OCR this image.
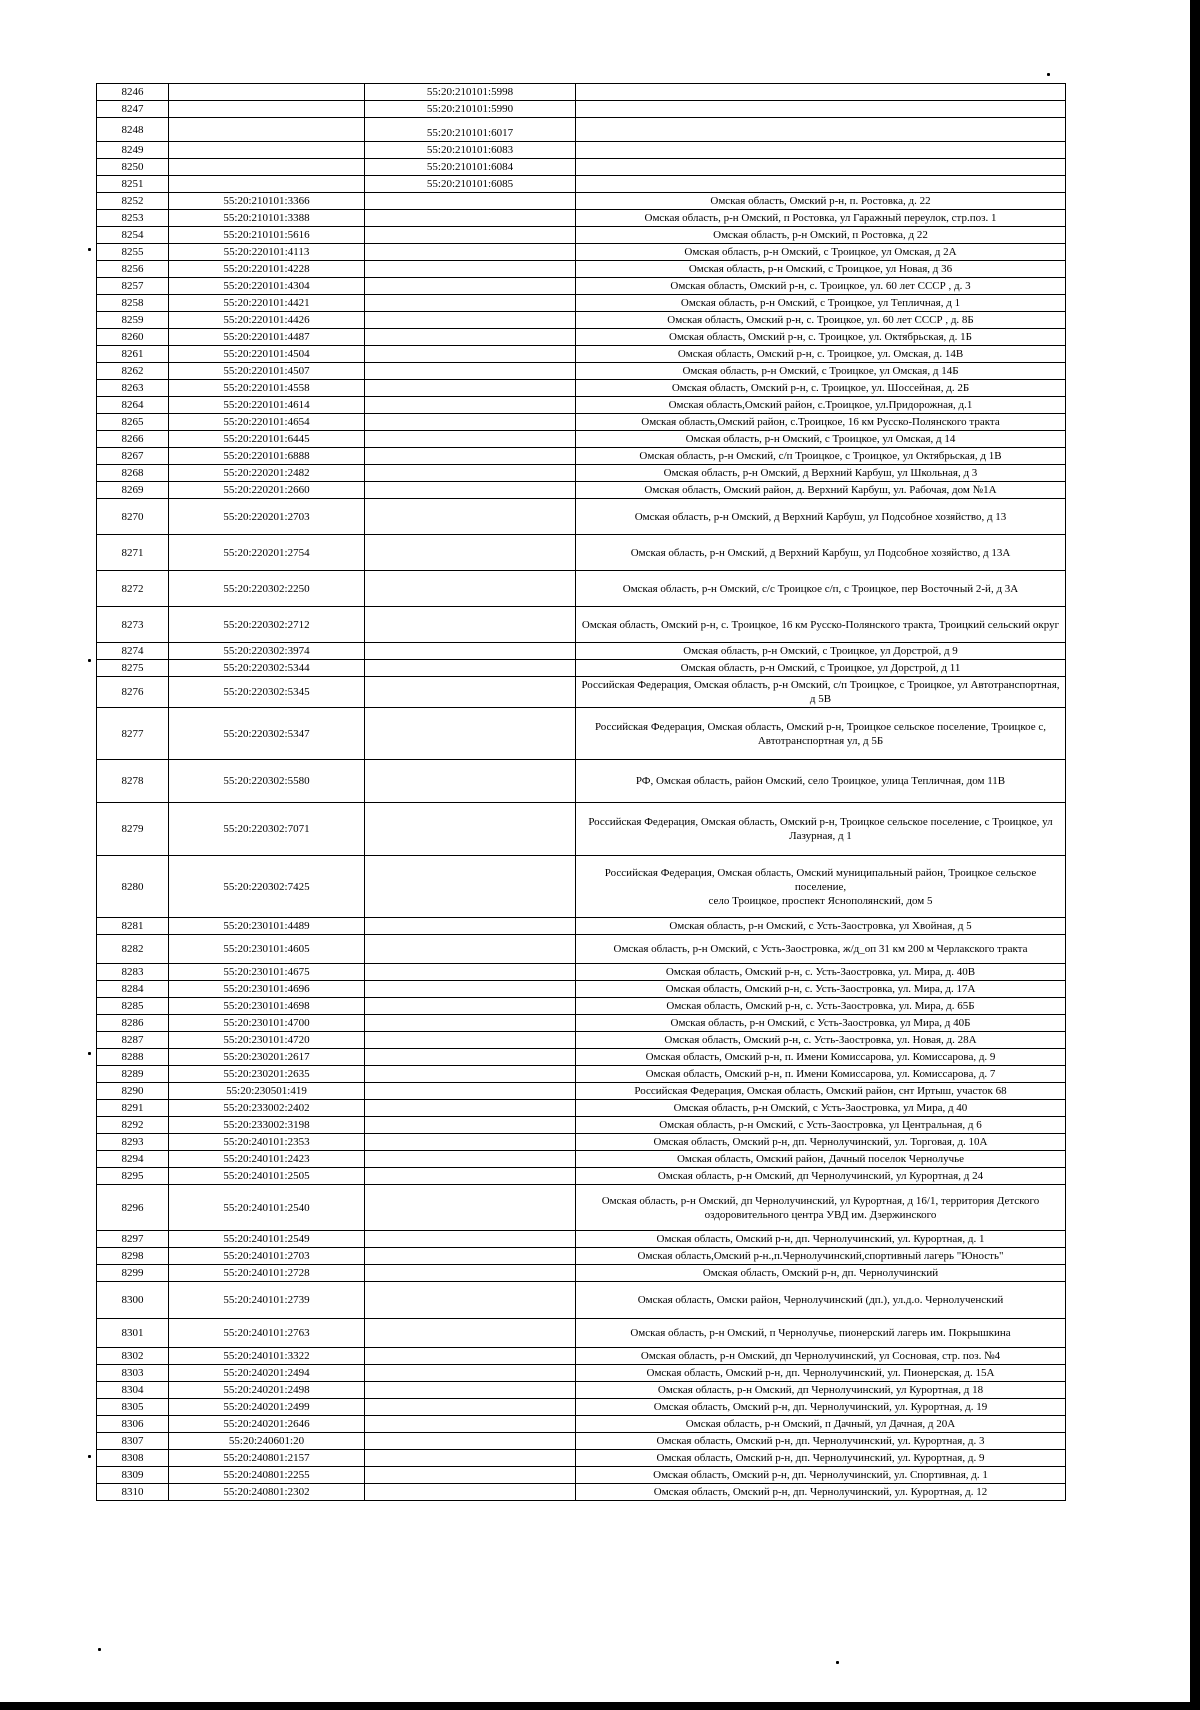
8246		55:20:210101:5998	
8247		55:20:210101:5990	
8248		55:20:210101:6017	
8249		55:20:210101:6083	
8250		55:20:210101:6084	
8251		55:20:210101:6085	
8252	55:20:210101:3366		Омская область, Омский р-н, п. Ростовка, д. 22

8253	55:20:210101:3388		Омская область, р-н Омский, п Ростовка, ул Гаражный переулок, стр.поз. 1

8254	55:20:210101:5616		Омская область, р-н Омский, п Ростовка, д 22

8255	55:20:220101:4113		Омская область, р-н Омский, с Троицкое, ул Омская, д 2А

8256	55:20:220101:4228		Омская область, р-н Омский, с Троицкое, ул Новая, д 36

8257	55:20:220101:4304		Омская область, Омский р-н, с. Троицкое, ул. 60 лет СССР , д. 3

8258	55:20:220101:4421		Омская область, р-н Омский, с Троицкое, ул Тепличная, д 1

8259	55:20:220101:4426		Омская область, Омский р-н, с. Троицкое, ул. 60 лет СССР , д. 8Б

8260	55:20:220101:4487		Омская область, Омский р-н, с. Троицкое, ул. Октябрьская, д. 1Б

8261	55:20:220101:4504		Омская область, Омский р-н, с. Троицкое, ул. Омская, д. 14В

8262	55:20:220101:4507		Омская область, р-н Омский, с Троицкое, ул Омская, д 14Б

8263	55:20:220101:4558		Омская область, Омский р-н, с. Троицкое, ул. Шоссейная, д. 2Б

8264	55:20:220101:4614		Омская область,Омский район, с.Троицкое, ул.Придорожная, д.1

8265	55:20:220101:4654		Омская область,Омский район, с.Троицкое, 16 км Русско-Полянского тракта

8266	55:20:220101:6445		Омская область, р-н Омский, с Троицкое, ул Омская, д 14

8267	55:20:220101:6888		Омская область, р-н Омский, с/п Троицкое, с Троицкое, ул Октябрьская, д 1В

8268	55:20:220201:2482		Омская область, р-н Омский, д Верхний Карбуш, ул Школьная, д 3

8269	55:20:220201:2660		Омская область, Омский район, д. Верхний Карбуш, ул. Рабочая, дом №1А

8270	55:20:220201:2703		Омская область, р-н Омский, д Верхний Карбуш, ул Подсобное хозяйство, д 13

8271	55:20:220201:2754		Омская область, р-н Омский, д Верхний Карбуш, ул Подсобное хозяйство, д 13А

8272	55:20:220302:2250		Омская область, р-н Омский, с/с Троицкое с/п, с Троицкое, пер Восточный 2-й, д 3А

8273	55:20:220302:2712		Омская область, Омский р-н, с. Троицкое, 16 км Русско-Полянского тракта, Троицкий сельский округ

8274	55:20:220302:3974		Омская область, р-н Омский, с Троицкое, ул Дорстрой, д 9

8275	55:20:220302:5344		Омская область, р-н Омский, с Троицкое, ул Дорстрой, д 11

8276	55:20:220302:5345		Российская Федерация, Омская область, р-н Омский, с/п Троицкое, с Троицкое, ул Автотранспортная, д 5В

8277	55:20:220302:5347		Российская Федерация, Омская область, Омский р-н, Троицкое сельское поселение, Троицкое с,
Автотранспортная ул, д 5Б

8278	55:20:220302:5580		РФ, Омская область, район Омский, село Троицкое, улица Тепличная, дом 11В

8279	55:20:220302:7071		Российская Федерация, Омская область, Омский р-н, Троицкое сельское поселение, с Троицкое, ул
Лазурная, д 1

8280	55:20:220302:7425		Российская Федерация, Омская область, Омский муниципальный район, Троицкое сельское поселение,
село Троицкое, проспект Яснополянский, дом 5

8281	55:20:230101:4489		Омская область, р-н Омский, с Усть-Заостровка, ул Хвойная, д 5

8282	55:20:230101:4605		Омская область, р-н Омский, с Усть-Заостровка, ж/д_оп 31 км 200 м Черлакского тракта

8283	55:20:230101:4675		Омская область, Омский р-н, с. Усть-Заостровка, ул. Мира, д. 40В

8284	55:20:230101:4696		Омская область, Омский р-н, с. Усть-Заостровка, ул. Мира, д. 17А

8285	55:20:230101:4698		Омская область, Омский р-н, с. Усть-Заостровка, ул. Мира, д. 65Б

8286	55:20:230101:4700		Омская область, р-н Омский, с Усть-Заостровка, ул Мира, д 40Б

8287	55:20:230101:4720		Омская область, Омский р-н, с. Усть-Заостровка, ул. Новая, д. 28А

8288	55:20:230201:2617		Омская область, Омский р-н, п. Имени Комиссарова, ул. Комиссарова, д. 9

8289	55:20:230201:2635		Омская область, Омский р-н, п. Имени Комиссарова, ул. Комиссарова, д. 7

8290	55:20:230501:419		Российская Федерация, Омская область, Омский район, снт Иртыш, участок 68

8291	55:20:233002:2402		Омская область, р-н Омский, с Усть-Заостровка, ул Мира, д 40

8292	55:20:233002:3198		Омская область, р-н Омский, с Усть-Заостровка, ул Центральная, д 6

8293	55:20:240101:2353		Омская область, Омский р-н, дп. Чернолучинский, ул. Торговая, д. 10А

8294	55:20:240101:2423		Омская область, Омский район, Дачный поселок Чернолучье

8295	55:20:240101:2505		Омская область, р-н Омский, дп Чернолучинский, ул Курортная, д 24

8296	55:20:240101:2540		Омская область, р-н Омский, дп Чернолучинский, ул Курортная, д 16/1, территория Детского
оздоровительного центра УВД им. Дзержинского

8297	55:20:240101:2549		Омская область, Омский р-н, дп. Чернолучинский, ул. Курортная, д. 1

8298	55:20:240101:2703		Омская область,Омский р-н.,п.Чернолучинский,спортивный лагерь "Юность"

8299	55:20:240101:2728		Омская область, Омский р-н, дп. Чернолучинский

8300	55:20:240101:2739		Омская область, Омски район, Чернолучинский (дп.), ул.д.о. Чернолученский

8301	55:20:240101:2763		Омская область, р-н Омский, п Чернолучье, пионерский лагерь им. Покрышкина

8302	55:20:240101:3322		Омская область, р-н Омский, дп Чернолучинский, ул Сосновая, стр. поз. №4

8303	55:20:240201:2494		Омская область, Омский р-н, дп. Чернолучинский, ул. Пионерская, д. 15А

8304	55:20:240201:2498		Омская область, р-н Омский, дп Чернолучинский, ул Курортная, д 18

8305	55:20:240201:2499		Омская область, Омский р-н, дп. Чернолучинский, ул. Курортная, д. 19

8306	55:20:240201:2646		Омская область, р-н Омский, п Дачный, ул Дачная, д 20А

8307	55:20:240601:20		Омская область, Омский р-н, дп. Чернолучинский, ул. Курортная, д. 3

8308	55:20:240801:2157		Омская область, Омский р-н, дп. Чернолучинский, ул. Курортная, д. 9

8309	55:20:240801:2255		Омская область, Омский р-н, дп. Чернолучинский, ул. Спортивная, д. 1

8310	55:20:240801:2302		Омская область, Омский р-н, дп. Чернолучинский, ул. Курортная, д. 12
